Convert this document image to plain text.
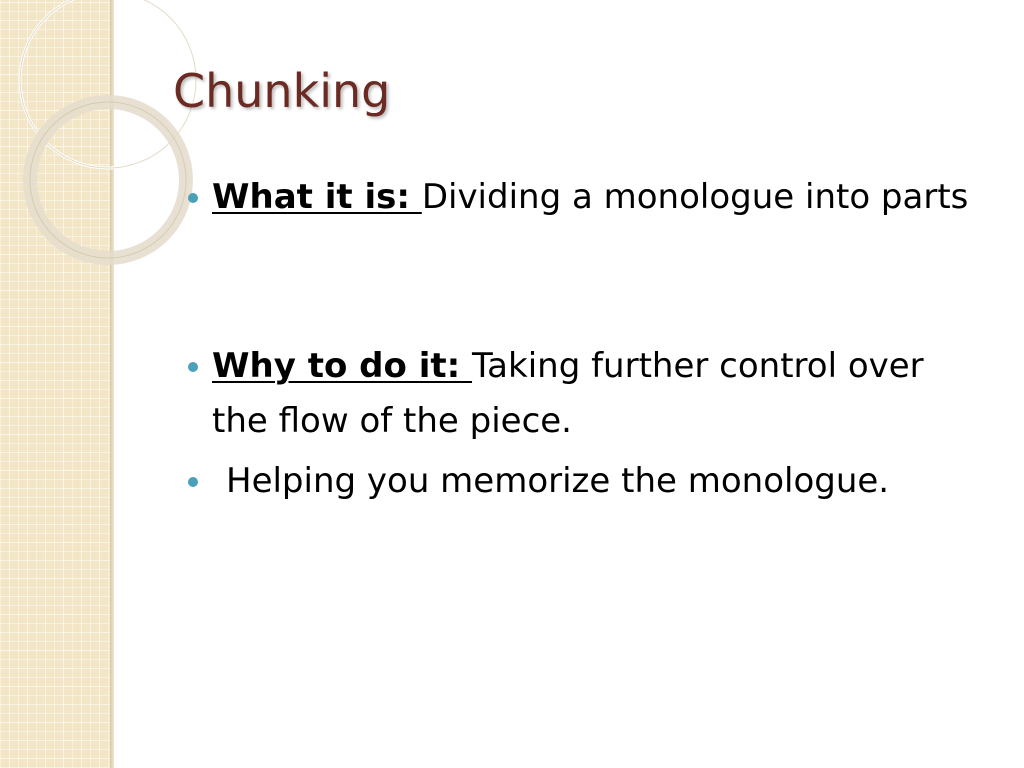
Chunking
What it is: Dividing a monologue into parts
Why to do it: Taking further control over the flow of the piece.
Helping you memorize the monologue.
